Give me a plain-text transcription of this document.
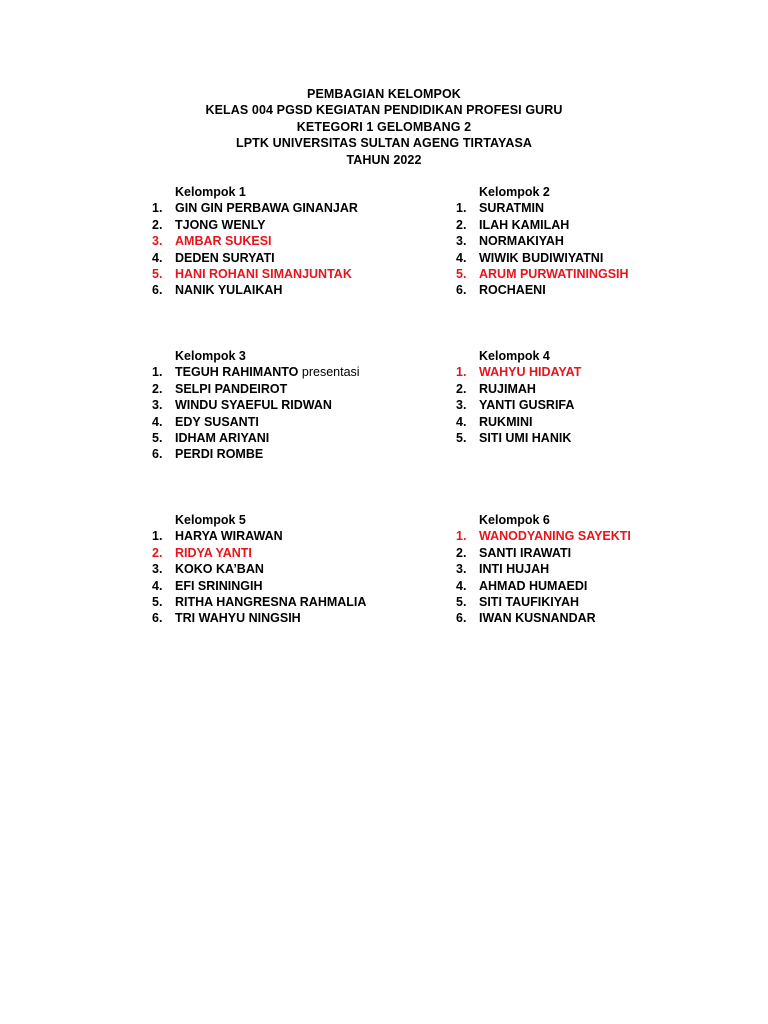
PEMBAGIAN KELOMPOK
KELAS 004 PGSD KEGIATAN PENDIDIKAN PROFESI GURU
KETEGORI 1 GELOMBANG 2
LPTK UNIVERSITAS SULTAN AGENG TIRTAYASA
TAHUN 2022
Kelompok 1
1.	GIN GIN PERBAWA GINANJAR
2.	TJONG WENLY
3.	AMBAR SUKESI
4.	DEDEN SURYATI
5.	HANI ROHANI SIMANJUNTAK
6.	NANIK YULAIKAH
Kelompok 2
1.	SURATMIN
2.	ILAH KAMILAH
3.	NORMAKIYAH
4.	WIWIK BUDIWIYATNI
5.	ARUM PURWATININGSIH
6.	ROCHAENI
Kelompok 3
1.	TEGUH RAHIMANTO presentasi
2.	SELPI PANDEIROT
3.	WINDU SYAEFUL RIDWAN
4.	EDY SUSANTI
5.	IDHAM ARIYANI
6.	PERDI ROMBE
Kelompok 4
1.	WAHYU HIDAYAT
2.	RUJIMAH
3.	YANTI GUSRIFA
4.	RUKMINI
5.	SITI UMI HANIK
Kelompok 5
1.	HARYA WIRAWAN
2.	RIDYA YANTI
3.	KOKO KA’BAN
4.	EFI SRININGIH
5.	RITHA HANGRESNA RAHMALIA
6.	TRI WAHYU NINGSIH
Kelompok 6
1.	WANODYANING SAYEKTI
2.	SANTI IRAWATI
3.	INTI HUJAH
4.	AHMAD HUMAEDI
5.	SITI TAUFIKIYAH
6.	IWAN KUSNANDAR
